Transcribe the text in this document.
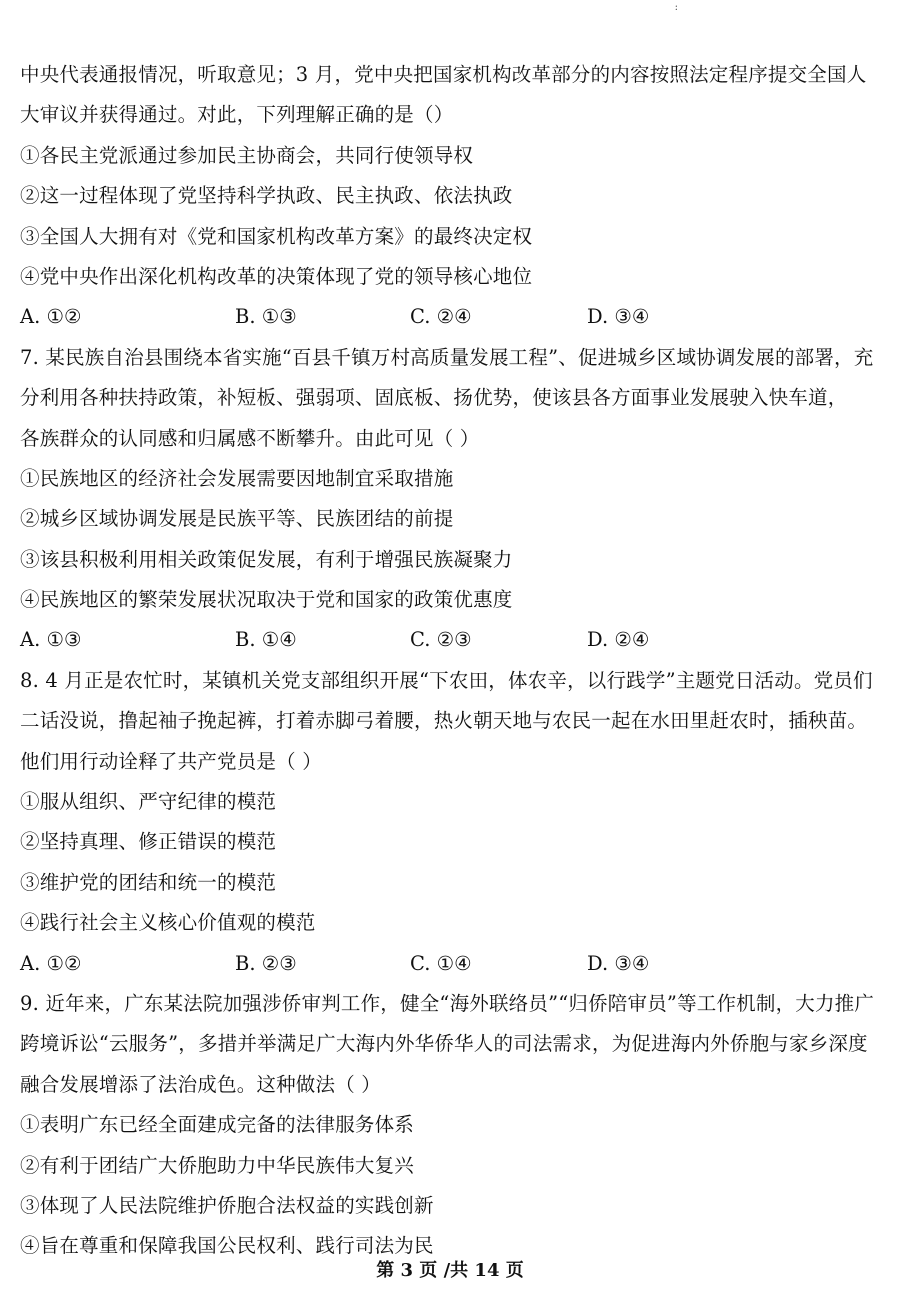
:
中央代表通报情况，听取意见；3 月，党中央把国家机构改革部分的内容按照法定程序提交全国人
大审议并获得通过。对此，下列理解正确的是（）
①各民主党派通过参加民主协商会，共同行使领导权
②这一过程体现了党坚持科学执政、民主执政、依法执政
③全国人大拥有对《党和国家机构改革方案》的最终决定权
④党中央作出深化机构改革的决策体现了党的领导核心地位
A. ①②	B. ①③	C. ②④	D. ③④
7. 某民族自治县围绕本省实施“百县千镇万村高质量发展工程”、促进城乡区域协调发展的部署，充
分利用各种扶持政策，补短板、强弱项、固底板、扬优势，使该县各方面事业发展驶入快车道，
各族群众的认同感和归属感不断攀升。由此可见（ ）
①民族地区的经济社会发展需要因地制宜采取措施
②城乡区域协调发展是民族平等、民族团结的前提
③该县积极利用相关政策促发展，有利于增强民族凝聚力
④民族地区的繁荣发展状况取决于党和国家的政策优惠度
A. ①③	B. ①④	C. ②③	D. ②④
8. 4 月正是农忙时，某镇机关党支部组织开展“下农田，体农辛，以行践学”主题党日活动。党员们
二话没说，撸起袖子挽起裤，打着赤脚弓着腰，热火朝天地与农民一起在水田里赶农时，插秧苗。
他们用行动诠释了共产党员是（ ）
①服从组织、严守纪律的模范
②坚持真理、修正错误的模范
③维护党的团结和统一的模范
④践行社会主义核心价值观的模范
A. ①②	B. ②③	C. ①④	D. ③④
9. 近年来，广东某法院加强涉侨审判工作，健全“海外联络员”“归侨陪审员”等工作机制，大力推广
跨境诉讼“云服务”，多措并举满足广大海内外华侨华人的司法需求，为促进海内外侨胞与家乡深度
融合发展增添了法治成色。这种做法（ ）
①表明广东已经全面建成完备的法律服务体系
②有利于团结广大侨胞助力中华民族伟大复兴
③体现了人民法院维护侨胞合法权益的实践创新
④旨在尊重和保障我国公民权利、践行司法为民
第 3 页 /共 14 页
